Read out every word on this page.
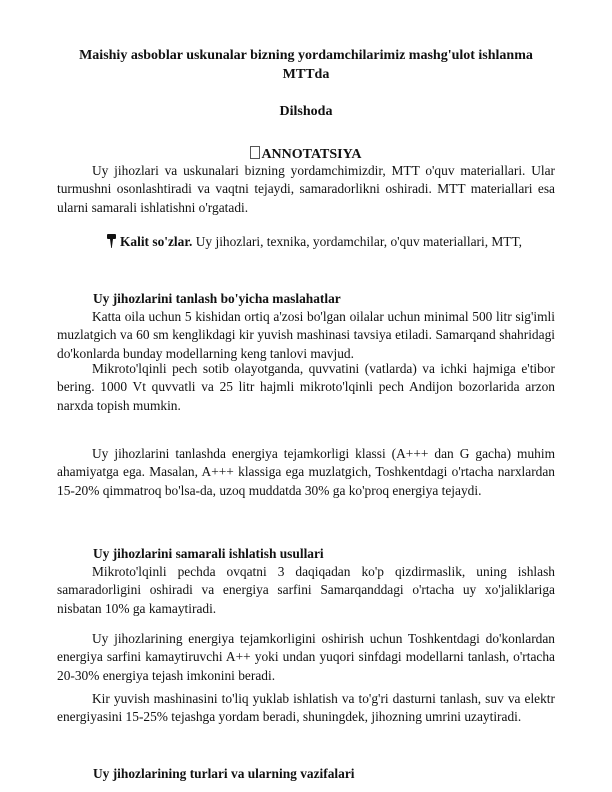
Maishiy asboblar uskunalar bizning yordamchilarimiz mashg'ulot ishlanma MTTda
Dilshoda
ANNOTATSIYA
Uy jihozlari va uskunalari bizning yordamchimizdir, MTT o'quv materiallari. Ular turmushni osonlashtiradi va vaqtni tejaydi, samaradorlikni oshiradi. MTT materiallari esa ularni samarali ishlatishni o'rgatadi.
Kalit so'zlar. Uy jihozlari, texnika, yordamchilar, o'quv materiallari, MTT,
Uy jihozlarini tanlash bo'yicha maslahatlar
Katta oila uchun 5 kishidan ortiq a'zosi bo'lgan oilalar uchun minimal 500 litr sig'imli muzlatgich va 60 sm kenglikdagi kir yuvish mashinasi tavsiya etiladi. Samarqand shahridagi do'konlarda bunday modellarning keng tanlovi mavjud.
Mikroto'lqinli pech sotib olayotganda, quvvatini (vatlarda) va ichki hajmiga e'tibor bering. 1000 Vt quvvatli va 25 litr hajmli mikroto'lqinli pech Andijon bozorlarida arzon narxda topish mumkin.
Uy jihozlarini tanlashda energiya tejamkorligi klassi (A+++ dan G gacha) muhim ahamiyatga ega. Masalan, A+++ klassiga ega muzlatgich, Toshkentdagi o'rtacha narxlardan 15-20% qimmatroq bo'lsa-da, uzoq muddatda 30% ga ko'proq energiya tejaydi.
Uy jihozlarini samarali ishlatish usullari
Mikroto'lqinli pechda ovqatni 3 daqiqadan ko'p qizdirmaslik, uning ishlash samaradorligini oshiradi va energiya sarfini Samarqanddagi o'rtacha uy xo'jaliklariga nisbatan 10% ga kamaytiradi.
Uy jihozlarining energiya tejamkorligini oshirish uchun Toshkentdagi do'konlardan energiya sarfini kamaytiruvchi A++ yoki undan yuqori sinfdagi modellarni tanlash, o'rtacha 20-30% energiya tejash imkonini beradi.
Kir yuvish mashinasini to'liq yuklab ishlatish va to'g'ri dasturni tanlash, suv va elektr energiyasini 15-25% tejashga yordam beradi, shuningdek, jihozning umrini uzaytiradi.
Uy jihozlarining turlari va ularning vazifalari
